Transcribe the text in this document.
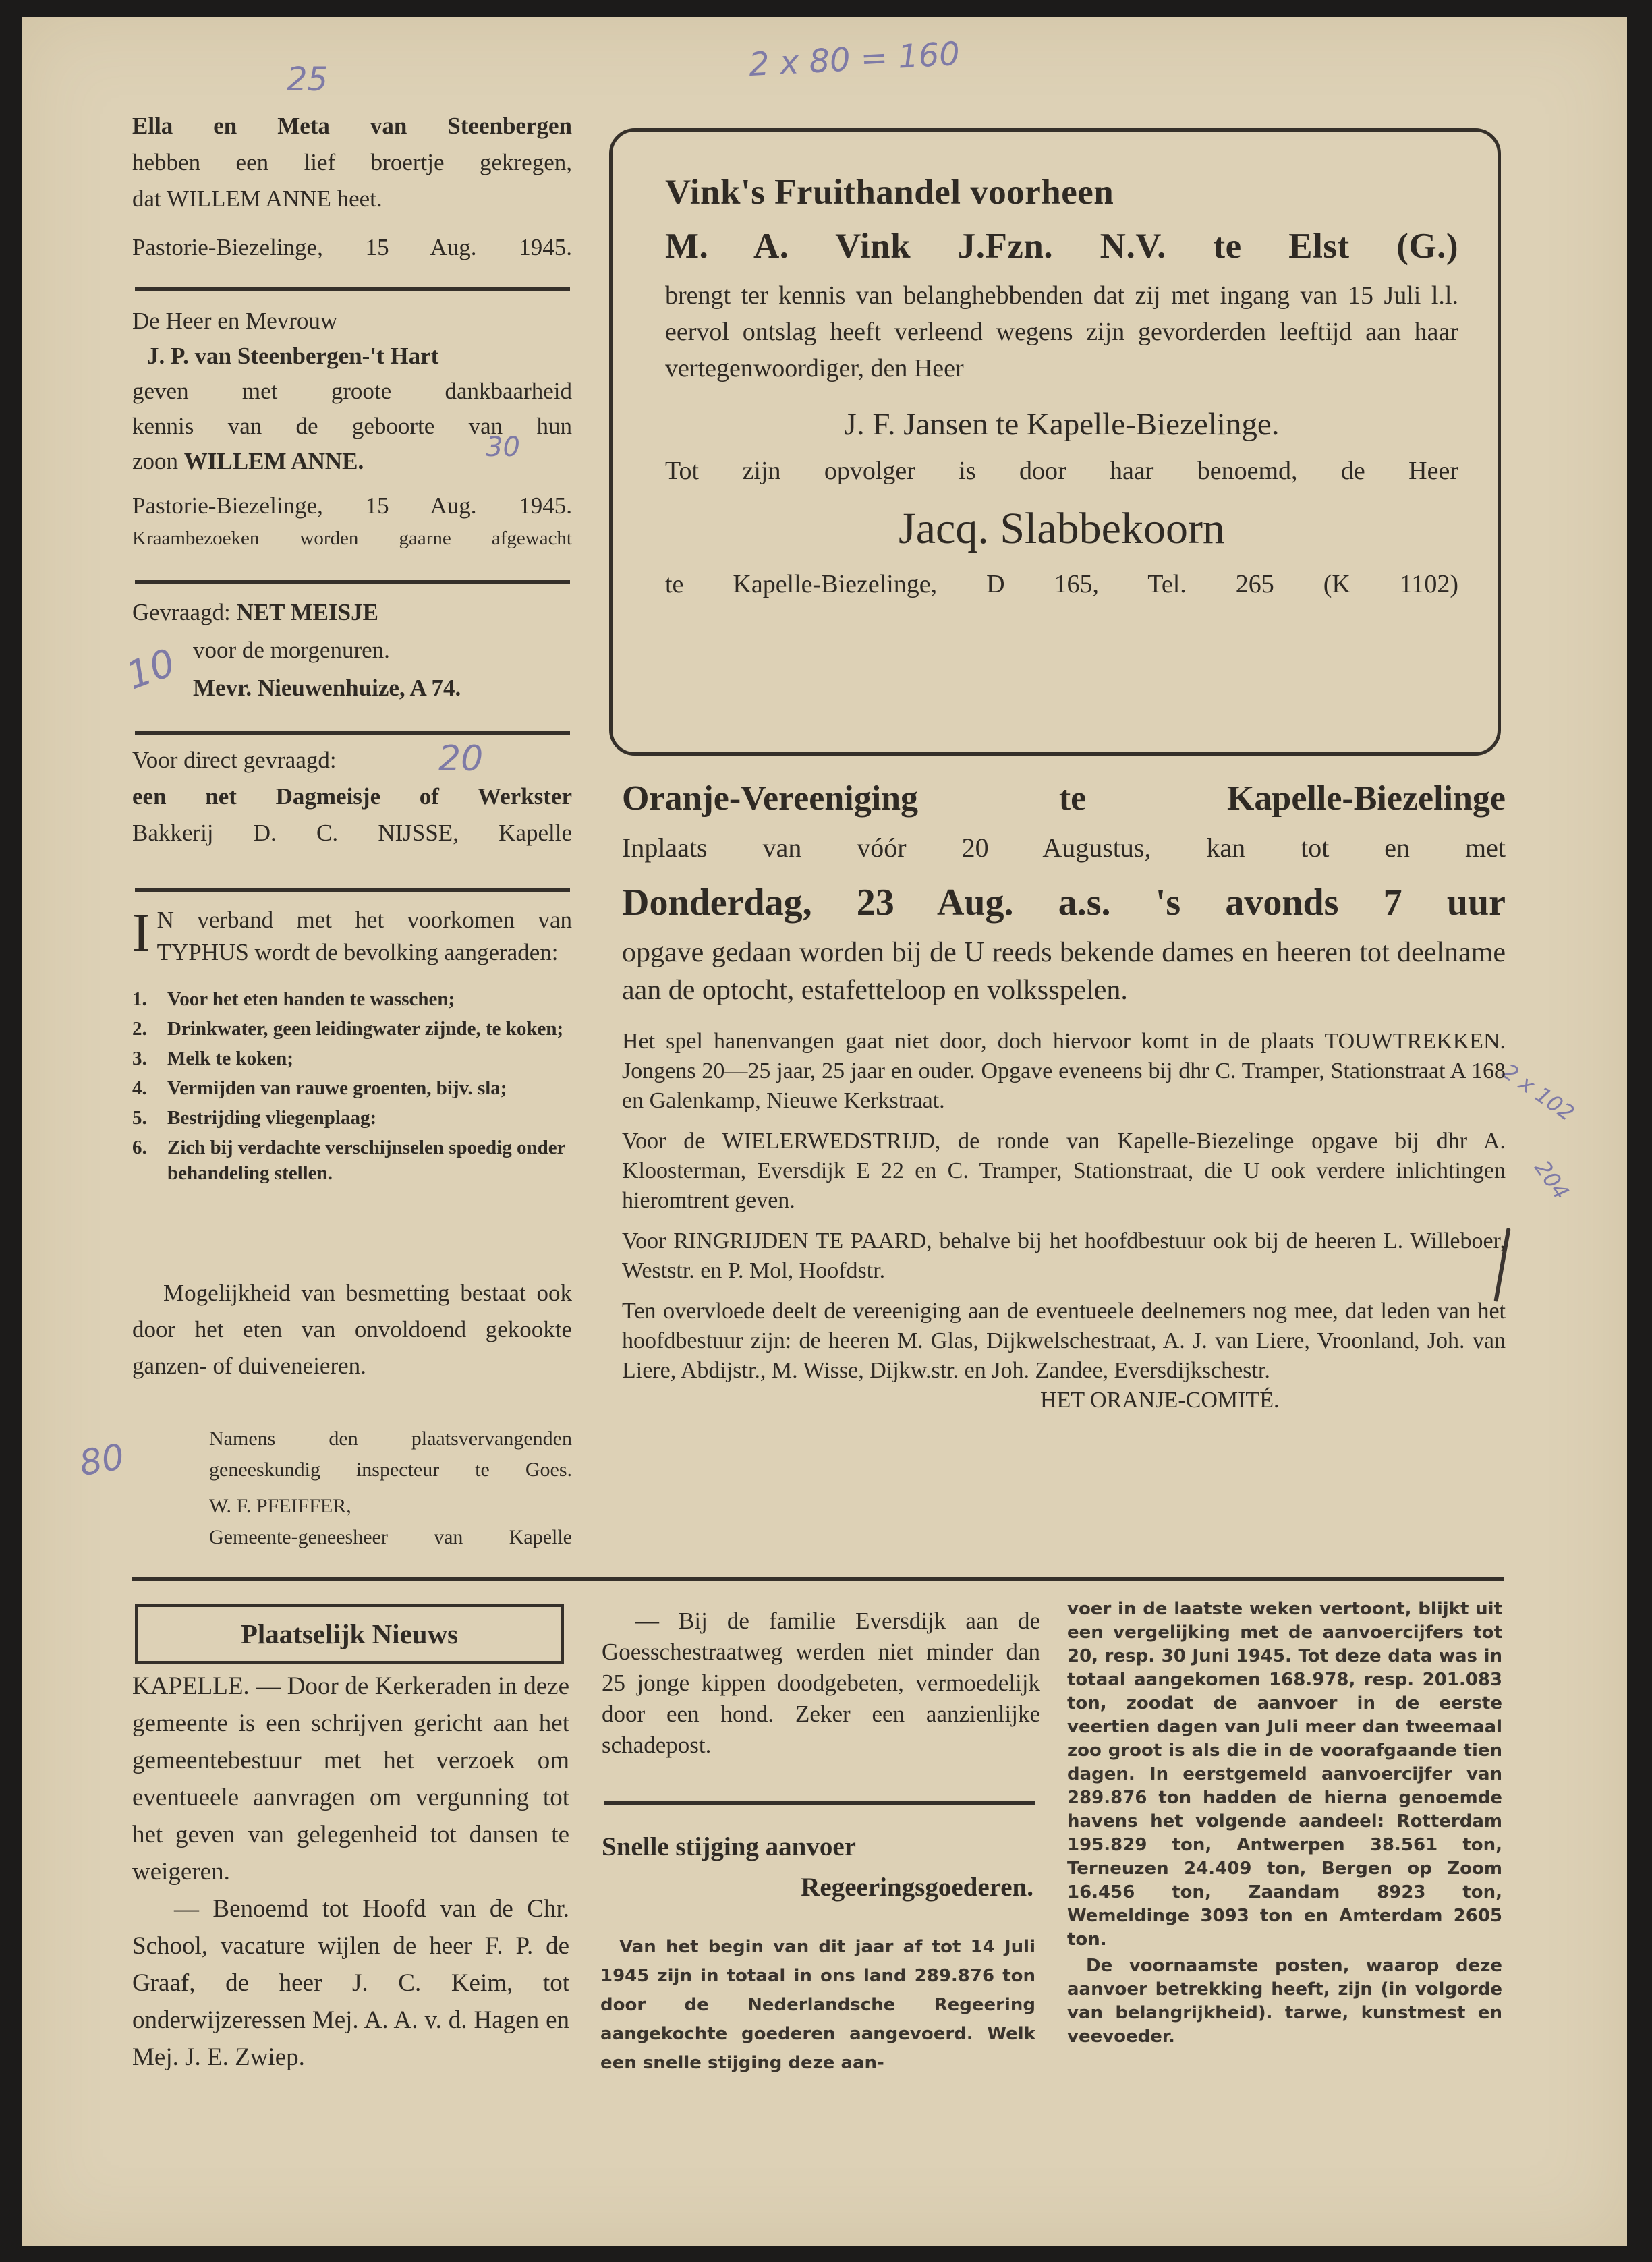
25	2 x 80 = 160
30
10
20
80
2 x 102
204

Ella en Meta van Steenbergen

hebben een lief broertje gekregen,

dat WILLEM ANNE heet.

Pastorie-Biezelinge, 15 Aug. 1945.

De Heer en Mevrouw

J. P. van Steenbergen-'t Hart

geven met groote dankbaarheid

kennis van de geboorte van hun

zoon WILLEM ANNE.

Pastorie-Biezelinge, 15 Aug. 1945.

Kraambezoeken worden gaarne afgewacht

Gevraagd: NET MEISJE

voor de morgenuren.

Mevr. Nieuwenhuize, A 74.

Voor direct gevraagd:

een net Dagmeisje of Werkster

Bakkerij D. C. NIJSSE, Kapelle

I N verband met het voorkomen van TYPHUS wordt de bevolking aangeraden:

1. Voor het eten handen te wasschen;
2. Drinkwater, geen leidingwater zijnde, te koken;
3. Melk te koken;
4. Vermijden van rauwe groenten, bijv. sla;
5. Bestrijding vliegenplaag:
6. Zich bij verdachte verschijnselen spoedig onder behandeling stellen.

Mogelijkheid van besmetting bestaat ook door het eten van onvoldoend gekookte ganzen- of duiveneieren.

Namens den plaatsvervangenden

geneeskundig inspecteur te Goes.

W. F. PFEIFFER,

Gemeente-geneesheer van Kapelle

Vink's Fruithandel voorheen

M. A. Vink J.Fzn. N.V. te Elst (G.)

brengt ter kennis van belanghebbenden dat zij met ingang van 15 Juli l.l. eervol ontslag heeft verleend wegens zijn gevorderden leeftijd aan haar vertegenwoordiger, den Heer

J. F. Jansen te Kapelle-Biezelinge.

Tot zijn opvolger is door haar benoemd, de Heer

Jacq. Slabbekoorn

te Kapelle-Biezelinge, D 165, Tel. 265 (K 1102)

Oranje-Vereeniging te Kapelle-Biezelinge

Inplaats van vóór 20 Augustus, kan tot en met

Donderdag, 23 Aug. a.s. 's avonds 7 uur

opgave gedaan worden bij de U reeds bekende dames en heeren tot deelname aan de optocht, estafetteloop en volksspelen.

Het spel hanenvangen gaat niet door, doch hiervoor komt in de plaats TOUWTREKKEN. Jongens 20—25 jaar, 25 jaar en ouder. Opgave eveneens bij dhr C. Tramper, Stationstraat A 168 en Galenkamp, Nieuwe Kerkstraat.

Voor de WIELERWEDSTRIJD, de ronde van Kapelle-Biezelinge opgave bij dhr A. Kloosterman, Eversdijk E 22 en C. Tramper, Stationstraat, die U ook verdere inlichtingen hieromtrent geven.

Voor RINGRIJDEN TE PAARD, behalve bij het hoofdbestuur ook bij de heeren L. Willeboer, Weststr. en P. Mol, Hoofdstr.

Ten overvloede deelt de vereeniging aan de eventueele deelnemers nog mee, dat leden van het hoofdbestuur zijn: de heeren M. Glas, Dijkwelschestraat, A. J. van Liere, Vroonland, Joh. van Liere, Abdijstr., M. Wisse, Dijkw.str. en Joh. Zandee, Eversdijkschestr.

HET ORANJE-COMITÉ.

Plaatselijk Nieuws

KAPELLE. — Door de Kerkeraden in deze gemeente is een schrijven gericht aan het gemeentebestuur met het verzoek om eventueele aanvragen om vergunning tot het geven van gelegenheid tot dansen te weigeren.

— Benoemd tot Hoofd van de Chr. School, vacature wijlen de heer F. P. de Graaf, de heer J. C. Keim, tot onderwijzeressen Mej. A. A. v. d. Hagen en Mej. J. E. Zwiep.

— Bij de familie Eversdijk aan de Goesschestraatweg werden niet minder dan 25 jonge kippen doodgebeten, vermoedelijk door een hond. Zeker een aanzienlijke schadepost.

Snelle stijging aanvoer

Regeeringsgoederen.

Van het begin van dit jaar af tot 14 Juli 1945 zijn in totaal in ons land 289.876 ton door de Nederlandsche Regeering aangekochte goederen aangevoerd. Welk een snelle stijging deze aan-

voer in de laatste weken vertoont, blijkt uit een vergelijking met de aanvoercijfers tot 20, resp. 30 Juni 1945. Tot deze data was in totaal aangekomen 168.978, resp. 201.083 ton, zoodat de aanvoer in de eerste veertien dagen van Juli meer dan tweemaal zoo groot is als die in de voorafgaande tien dagen. In eerstgemeld aanvoercijfer van 289.876 ton hadden de hierna genoemde havens het volgende aandeel: Rotterdam 195.829 ton, Antwerpen 38.561 ton, Terneuzen 24.409 ton, Bergen op Zoom 16.456 ton, Zaandam 8923 ton, Wemeldinge 3093 ton en Amterdam 2605 ton.

De voornaamste posten, waarop deze aanvoer betrekking heeft, zijn (in volgorde van belangrijkheid). tarwe, kunstmest en veevoeder.
